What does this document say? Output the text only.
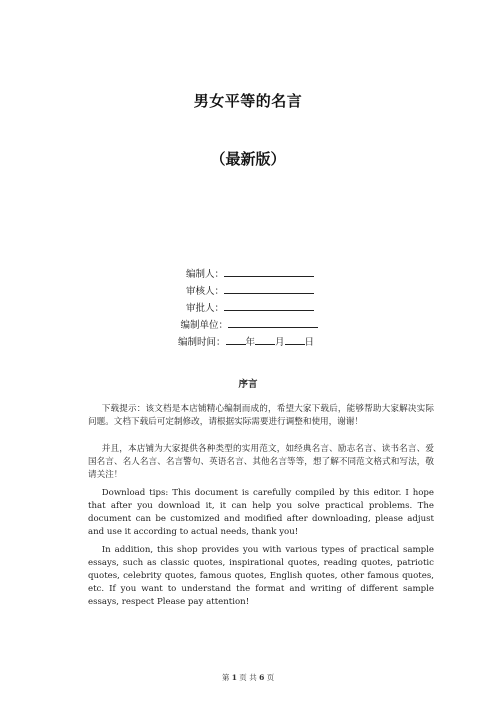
男女平等的名言
（最新版）
编制人：
审核人：
审批人：
编制单位：
编制时间： 年 月 日
序言

下载提示：该文档是本店铺精心编制而成的，希望大家下载后，能够帮助大家解决实际问题。文档下载后可定制修改，请根据实际需要进行调整和使用，谢谢！

并且，本店铺为大家提供各种类型的实用范文，如经典名言、励志名言、读书名言、爱国名言、名人名言、名言警句、英语名言、其他名言等等，想了解不同范文格式和写法，敬请关注！

Download tips: This document is carefully compiled by this editor. I hope that after you download it, it can help you solve practical problems. The document can be customized and modified after downloading, please adjust and use it according to actual needs, thank you!

In addition, this shop provides you with various types of practical sample essays, such as classic quotes, inspirational quotes, reading quotes, patriotic quotes, celebrity quotes, famous quotes, English quotes, other famous quotes, etc. If you want to understand the format and writing of different sample essays, respect Please pay attention!

第 1 页 共 6 页
